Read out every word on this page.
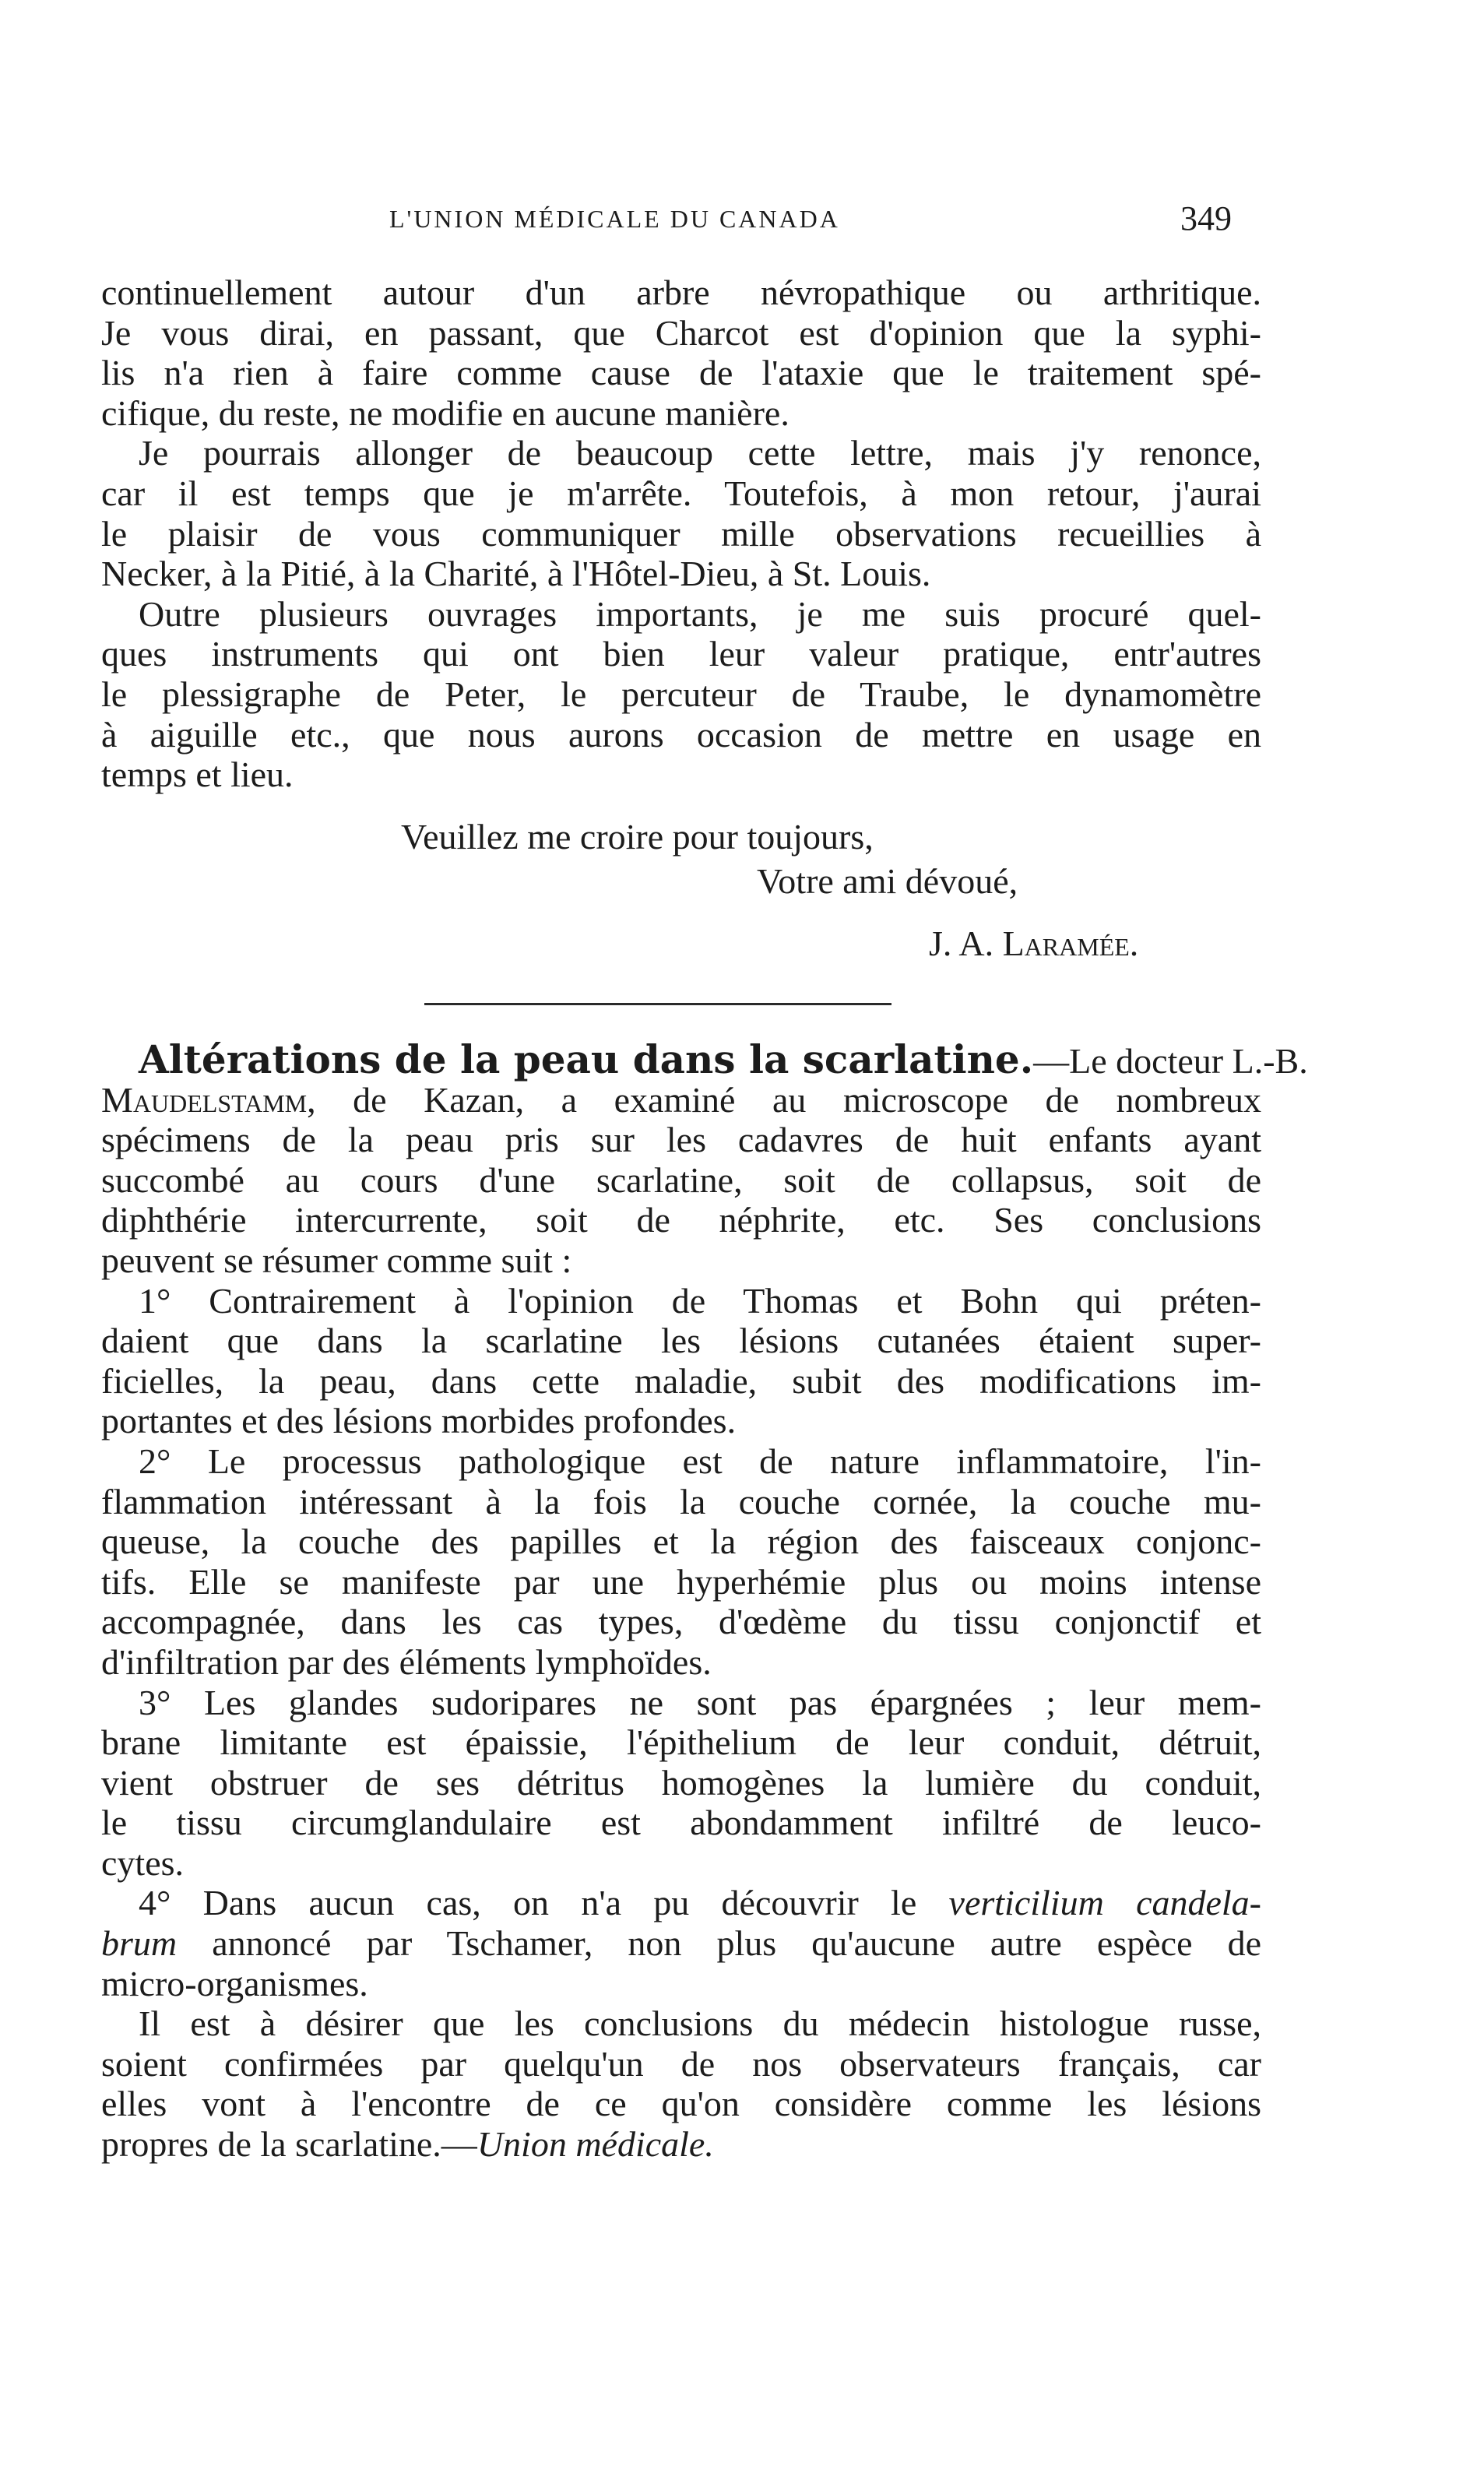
L'UNION MÉDICALE DU CANADA	349
continuellement autour d'un arbre névropathique ou arthritique.
Je vous dirai, en passant, que Charcot est d'opinion que la syphi-
lis n'a rien à faire comme cause de l'ataxie que le traitement spé-
cifique, du reste, ne modifie en aucune manière.
Je pourrais allonger de beaucoup cette lettre, mais j'y renonce,
car il est temps que je m'arrête. Toutefois, à mon retour, j'aurai
le plaisir de vous communiquer mille observations recueillies à
Necker, à la Pitié, à la Charité, à l'Hôtel-Dieu, à St. Louis.
Outre plusieurs ouvrages importants, je me suis procuré quel-
ques instruments qui ont bien leur valeur pratique, entr'autres
le plessigraphe de Peter, le percuteur de Traube, le dynamomètre
à aiguille etc., que nous aurons occasion de mettre en usage en
temps et lieu.
Veuillez me croire pour toujours,
Votre ami dévoué,
J. A. Laramée.
Altérations de la peau dans la scarlatine.—Le docteur L.-B.
Maudelstamm, de Kazan, a examiné au microscope de nombreux
spécimens de la peau pris sur les cadavres de huit enfants ayant
succombé au cours d'une scarlatine, soit de collapsus, soit de
diphthérie intercurrente, soit de néphrite, etc. Ses conclusions
peuvent se résumer comme suit :
1° Contrairement à l'opinion de Thomas et Bohn qui préten-
daient que dans la scarlatine les lésions cutanées étaient super-
ficielles, la peau, dans cette maladie, subit des modifications im-
portantes et des lésions morbides profondes.
2° Le processus pathologique est de nature inflammatoire, l'in-
flammation intéressant à la fois la couche cornée, la couche mu-
queuse, la couche des papilles et la région des faisceaux conjonc-
tifs. Elle se manifeste par une hyperhémie plus ou moins intense
accompagnée, dans les cas types, d'œdème du tissu conjonctif et
d'infiltration par des éléments lymphoïdes.
3° Les glandes sudoripares ne sont pas épargnées ; leur mem-
brane limitante est épaissie, l'épithelium de leur conduit, détruit,
vient obstruer de ses détritus homogènes la lumière du conduit,
le tissu circumglandulaire est abondamment infiltré de leuco-
cytes.
4° Dans aucun cas, on n'a pu découvrir le verticilium candela-
brum annoncé par Tschamer, non plus qu'aucune autre espèce de
micro-organismes.
Il est à désirer que les conclusions du médecin histologue russe,
soient confirmées par quelqu'un de nos observateurs français, car
elles vont à l'encontre de ce qu'on considère comme les lésions
propres de la scarlatine.—Union médicale.
